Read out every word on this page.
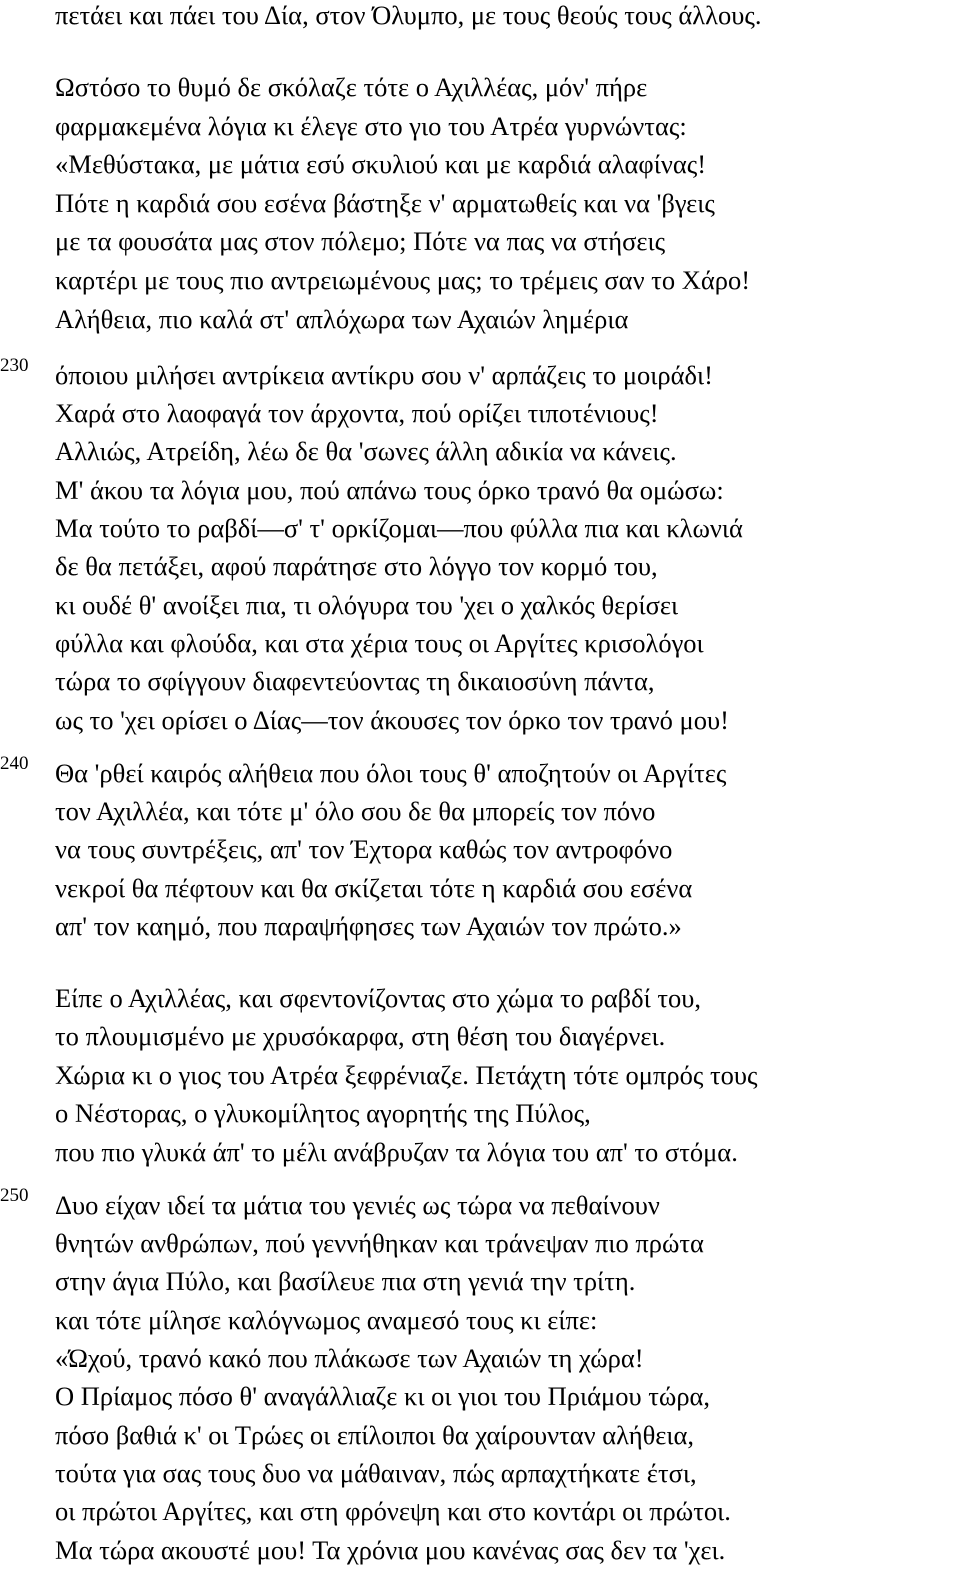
πετάει και πάει του Δία, στον Όλυμπο, με τους θεούς τους άλλους.
Ωστόσο το θυμό δε σκόλαζε τότε ο Αχιλλέας, μόν' πήρε
φαρμακεμένα λόγια κι έλεγε στο γιο του Ατρέα γυρνώντας:
«Μεθύστακα, με μάτια εσύ σκυλιού και με καρδιά αλαφίνας!
Πότε η καρδιά σου εσένα βάστηξε ν' αρματωθείς και να 'βγεις
με τα φουσάτα μας στον πόλεμο; Πότε να πας να στήσεις
καρτέρι με τους πιο αντρειωμένους μας; το τρέμεις σαν το Χάρο!
Αλήθεια, πιο καλά στ' απλόχωρα των Αχαιών λημέρια
230	όποιου μιλήσει αντρίκεια αντίκρυ σου ν' αρπάζεις το μοιράδι!
Χαρά στο λαοφαγά τον άρχοντα, πού ορίζει τιποτένιους!
Αλλιώς, Ατρείδη, λέω δε θα 'σωνες άλλη αδικία να κάνεις.
Μ' άκου τα λόγια μου, πού απάνω τους όρκο τρανό θα ομώσω:
Μα τούτο το ραβδί—σ' τ' ορκίζομαι—που φύλλα πια και κλωνιά
δε θα πετάξει, αφού παράτησε στο λόγγο τον κορμό του,
κι ουδέ θ' ανοίξει πια, τι ολόγυρα του 'χει ο χαλκός θερίσει
φύλλα και φλούδα, και στα χέρια τους οι Αργίτες κρισολόγοι
τώρα το σφίγγουν διαφεντεύοντας τη δικαιοσύνη πάντα,
ως το 'χει ορίσει ο Δίας—τον άκουσες τον όρκο τον τρανό μου!
240	Θα 'ρθεί καιρός αλήθεια που όλοι τους θ' αποζητούν οι Αργίτες
τον Αχιλλέα, και τότε μ' όλο σου δε θα μπορείς τον πόνο
να τους συντρέξεις, απ' τον Έχτορα καθώς τον αντροφόνο
νεκροί θα πέφτουν και θα σκίζεται τότε η καρδιά σου εσένα
απ' τον καημό, που παραψήφησες των Αχαιών τον πρώτο.»
Είπε ο Αχιλλέας, και σφεντονίζοντας στο χώμα το ραβδί του,
το πλουμισμένο με χρυσόκαρφα, στη θέση του διαγέρνει.
Χώρια κι ο γιος του Ατρέα ξεφρένιαζε. Πετάχτη τότε ομπρός τους
ο Νέστορας, ο γλυκομίλητος αγορητής της Πύλος,
που πιο γλυκά άπ' το μέλι ανάβρυζαν τα λόγια του απ' το στόμα.
250	Δυο είχαν ιδεί τα μάτια του γενιές ως τώρα να πεθαίνουν
θνητών ανθρώπων, πού γεννήθηκαν και τράνεψαν πιο πρώτα
στην άγια Πύλο, και βασίλευε πια στη γενιά την τρίτη.
και τότε μίλησε καλόγνωμος αναμεσό τους κι είπε:
«Ώχού, τρανό κακό που πλάκωσε των Αχαιών τη χώρα!
Ο Πρίαμος πόσο θ' αναγάλλιαζε κι οι γιοι του Πριάμου τώρα,
πόσο βαθιά κ' οι Τρώες οι επίλοιποι θα χαίρουνταν αλήθεια,
τούτα για σας τους δυο να μάθαιναν, πώς αρπαχτήκατε έτσι,
οι πρώτοι Αργίτες, και στη φρόνεψη και στο κοντάρι οι πρώτοι.
Μα τώρα ακουστέ μου! Τα χρόνια μου κανένας σας δεν τα 'χει.
